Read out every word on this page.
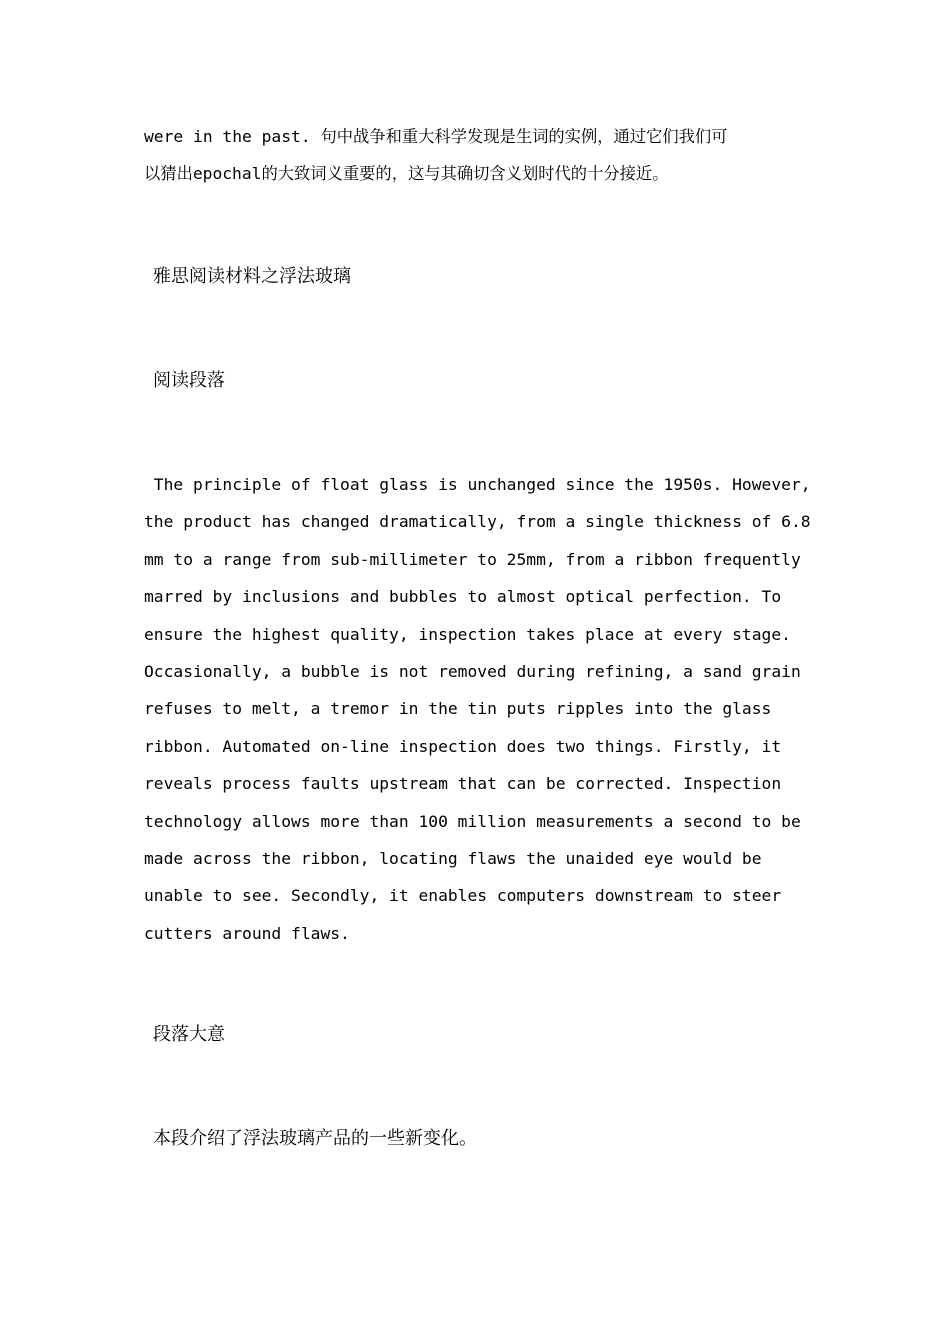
were in the past. 句中战争和重大科学发现是生词的实例，通过它们我们可
以猜出epochal的大致词义重要的，这与其确切含义划时代的十分接近。

雅思阅读材料之浮法玻璃
阅读段落

The principle of float glass is unchanged since the 1950s. However,
the product has changed dramatically, from a single thickness of 6.8
mm to a range from sub-millimeter to 25mm, from a ribbon frequently
marred by inclusions and bubbles to almost optical perfection. To
ensure the highest quality, inspection takes place at every stage.
Occasionally, a bubble is not removed during refining, a sand grain
refuses to melt, a tremor in the tin puts ripples into the glass
ribbon. Automated on-line inspection does two things. Firstly, it
reveals process faults upstream that can be corrected. Inspection
technology allows more than 100 million measurements a second to be
made across the ribbon, locating flaws the unaided eye would be
unable to see. Secondly, it enables computers downstream to steer
cutters around flaws.

段落大意

本段介绍了浮法玻璃产品的一些新变化。
